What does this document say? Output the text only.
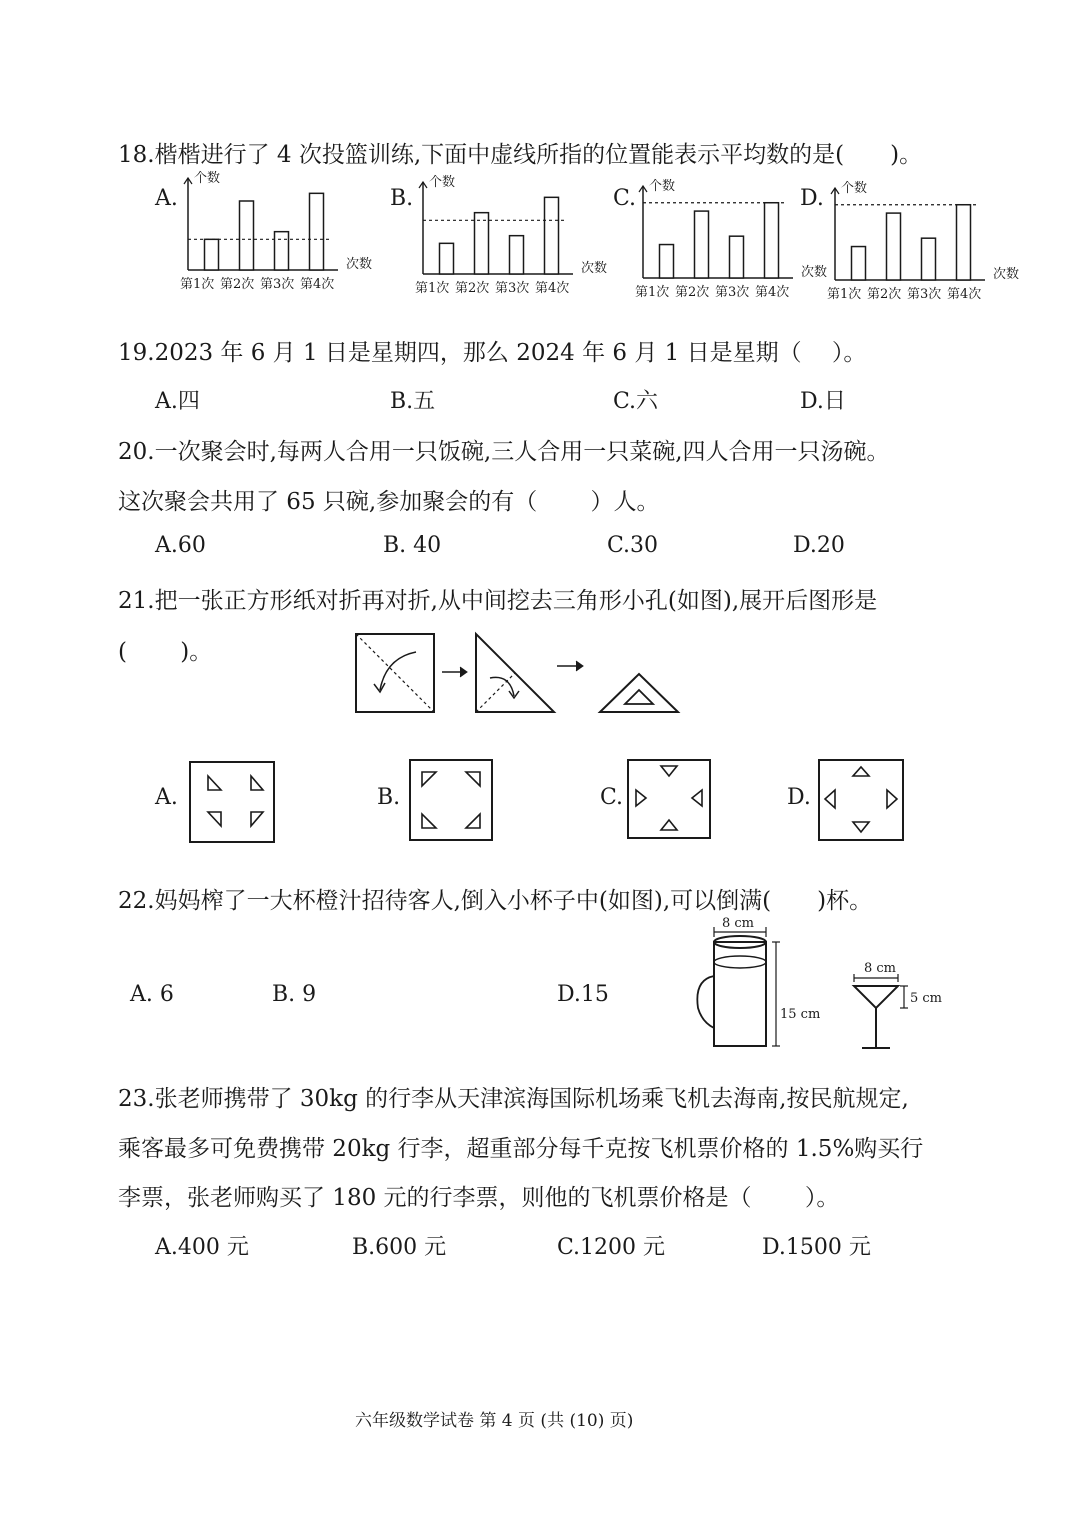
18.楷楷进行了 4 次投篮训练,下面中虚线所指的位置能表示平均数的是(　　)。
A.	B.	C.	D.
个数
次数
第1次 第2次 第3次 第4次
个数
次数
第1次 第2次 第3次 第4次
个数
次数
第1次 第2次 第3次 第4次
个数
次数
第1次 第2次 第3次 第4次
19.2023 年 6 月 1 日是星期四，那么 2024 年 6 月 1 日是星期（　 ）。
A.四	B.五	C.六	D.日
20.一次聚会时,每两人合用一只饭碗,三人合用一只菜碗,四人合用一只汤碗。
这次聚会共用了 65 只碗,参加聚会的有（　　 ）人。
A.60	B. 40	C.30	D.20
21.把一张正方形纸对折再对折,从中间挖去三角形小孔(如图),展开后图形是
(　　 )。
A.	B.	C.	D.
22.妈妈榨了一大杯橙汁招待客人,倒入小杯子中(如图),可以倒满(　　)杯。
A. 6	B. 9	D.15
8 cm
15 cm
8 cm
5 cm
23.张老师携带了 30kg 的行李从天津滨海国际机场乘飞机去海南,按民航规定,
乘客最多可免费携带 20kg 行李，超重部分每千克按飞机票价格的 1.5%购买行
李票，张老师购买了 180 元的行李票，则他的飞机票价格是（　　 ）。
A.400 元	B.600 元	C.1200 元	D.1500 元
六年级数学试卷 第 4 页 (共 (10) 页)
